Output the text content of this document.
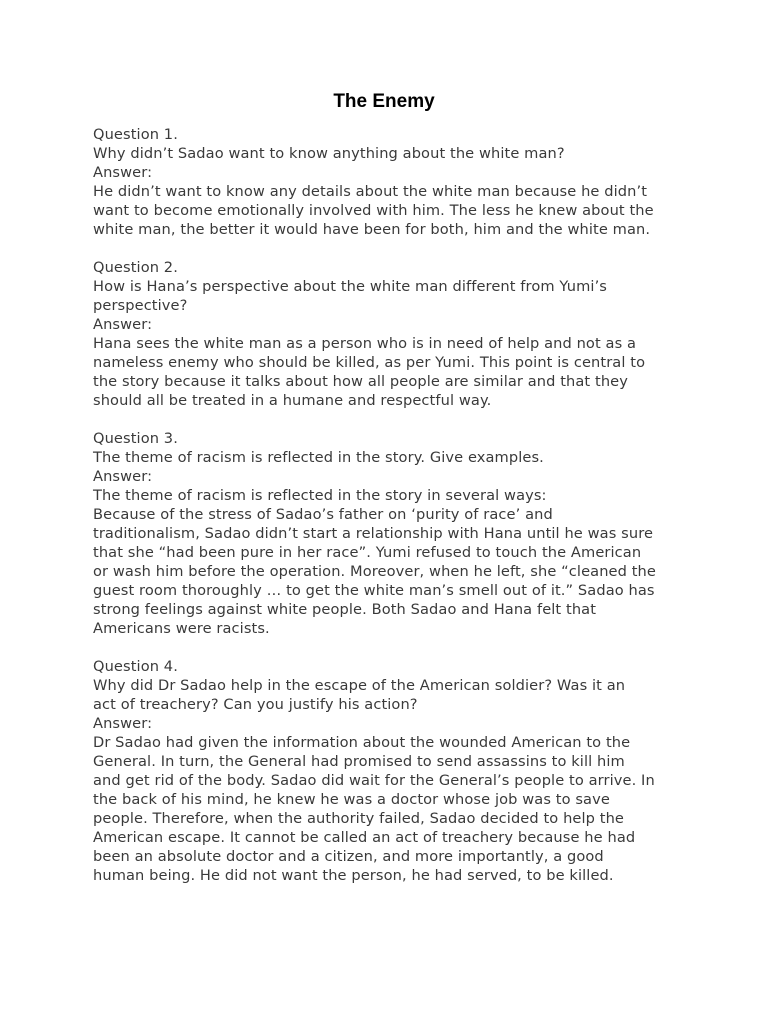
The Enemy

Question 1.

Why didn’t Sadao want to know anything about the white man?

Answer:

He didn’t want to know any details about the white man because he didn’t

want to become emotionally involved with him. The less he knew about the

white man, the better it would have been for both, him and the white man.

Question 2.

How is Hana’s perspective about the white man different from Yumi’s

perspective?

Answer:

Hana sees the white man as a person who is in need of help and not as a

nameless enemy who should be killed, as per Yumi. This point is central to

the story because it talks about how all people are similar and that they

should all be treated in a humane and respectful way.

Question 3.

The theme of racism is reflected in the story. Give examples.

Answer:

The theme of racism is reflected in the story in several ways:

Because of the stress of Sadao’s father on ‘purity of race’ and

traditionalism, Sadao didn’t start a relationship with Hana until he was sure

that she “had been pure in her race”. Yumi refused to touch the American

or wash him before the operation. Moreover, when he left, she “cleaned the

guest room thoroughly … to get the white man’s smell out of it.” Sadao has

strong feelings against white people. Both Sadao and Hana felt that

Americans were racists.

Question 4.

Why did Dr Sadao help in the escape of the American soldier? Was it an

act of treachery? Can you justify his action?

Answer:

Dr Sadao had given the information about the wounded American to the

General. In turn, the General had promised to send assassins to kill him

and get rid of the body. Sadao did wait for the General’s people to arrive. In

the back of his mind, he knew he was a doctor whose job was to save

people. Therefore, when the authority failed, Sadao decided to help the

American escape. It cannot be called an act of treachery because he had

been an absolute doctor and a citizen, and more importantly, a good

human being. He did not want the person, he had served, to be killed.
